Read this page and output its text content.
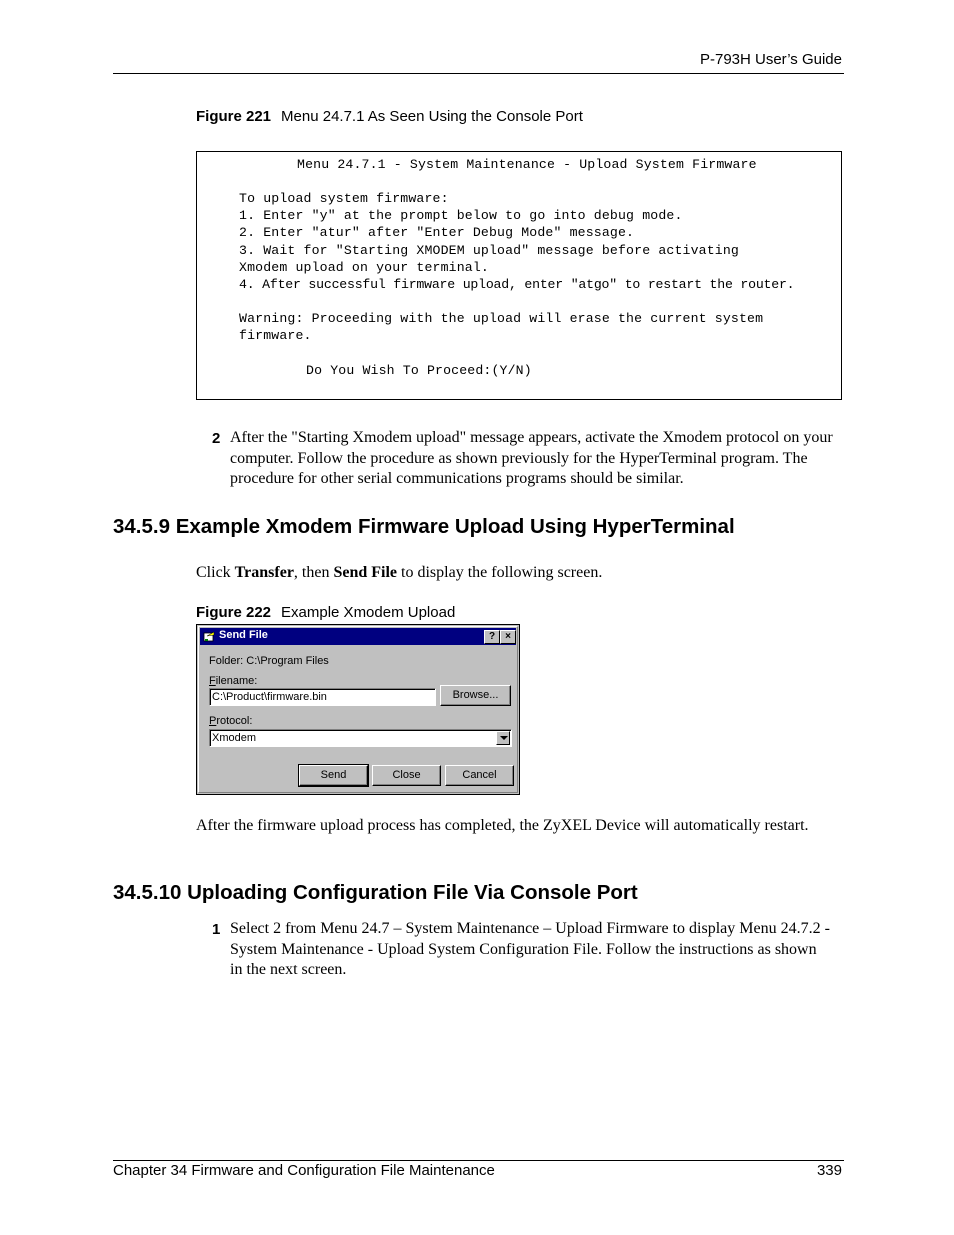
P-793H User’s Guide
Figure 221 Menu 24.7.1 As Seen Using the Console Port
Menu 24.7.1 - System Maintenance - Upload System Firmware
To upload system firmware:
1. Enter "y" at the prompt below to go into debug mode.
2. Enter "atur" after "Enter Debug Mode" message.
3. Wait for "Starting XMODEM upload" message before activating
Xmodem upload on your terminal.
4. After successful firmware upload, enter "atgo" to restart the router.
Warning: Proceeding with the upload will erase the current system
firmware.
Do You Wish To Proceed:(Y/N)
2 After the "Starting Xmodem upload" message appears, activate the Xmodem protocol on your computer. Follow the procedure as shown previously for the HyperTerminal program. The procedure for other serial communications programs should be similar.
34.5.9 Example Xmodem Firmware Upload Using HyperTerminal
Click Transfer, then Send File to display the following screen.
Figure 222 Example Xmodem Upload
Send File	?	×
Folder: C:\Program Files
Filename:
C:\Product\firmware.bin	Browse...
Protocol:
Xmodem
Send	Close	Cancel
After the firmware upload process has completed, the ZyXEL Device will automatically restart.
34.5.10 Uploading Configuration File Via Console Port
1 Select 2 from Menu 24.7 – System Maintenance – Upload Firmware to display Menu 24.7.2 - System Maintenance - Upload System Configuration File. Follow the instructions as shown in the next screen.
Chapter 34 Firmware and Configuration File Maintenance	339
